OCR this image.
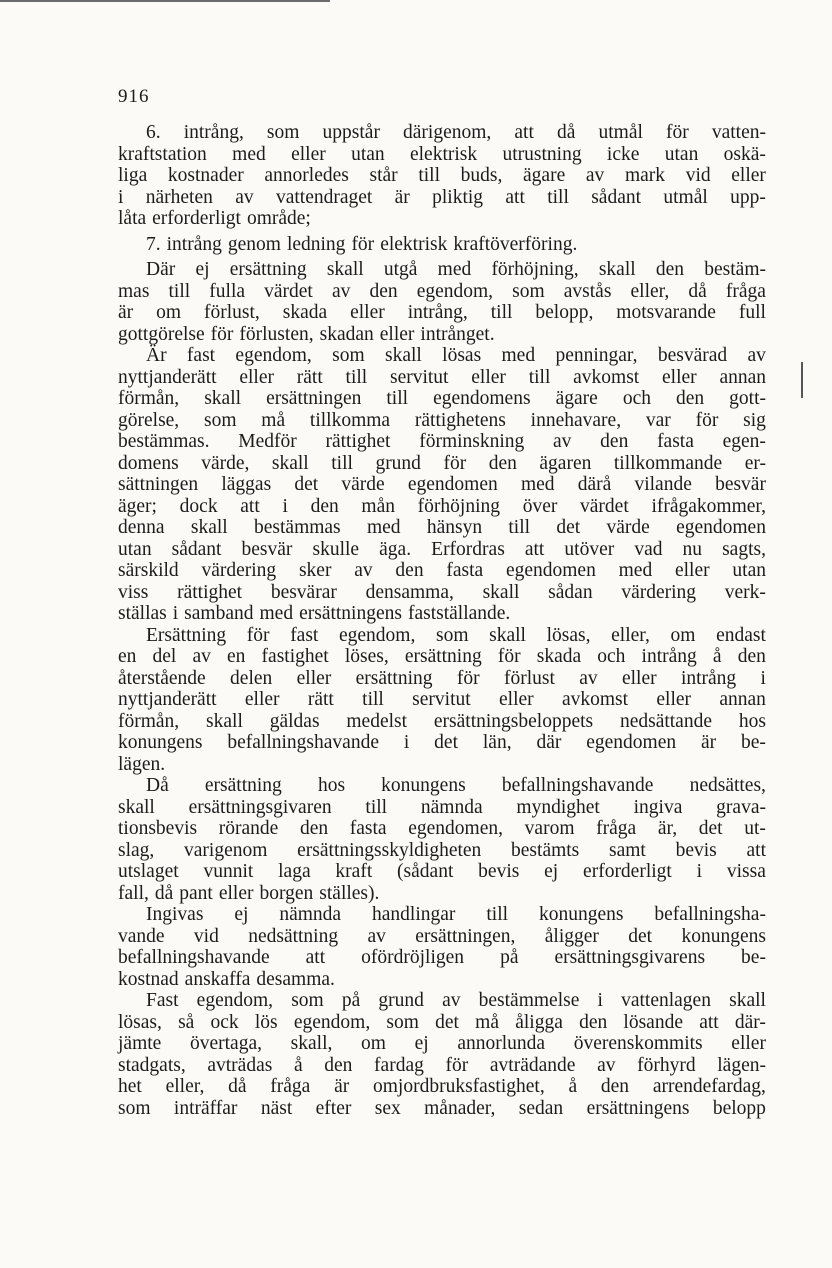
916
6. intrång, som uppstår därigenom, att då utmål för vatten-
kraftstation med eller utan elektrisk utrustning icke utan oskä-
liga kostnader annorledes står till buds, ägare av mark vid eller
i närheten av vattendraget är pliktig att till sådant utmål upp-
låta erforderligt område;
7. intrång genom ledning för elektrisk kraftöverföring.
Där ej ersättning skall utgå med förhöjning, skall den bestäm-
mas till fulla värdet av den egendom, som avstås eller, då fråga
är om förlust, skada eller intrång, till belopp, motsvarande full
gottgörelse för förlusten, skadan eller intrånget.
Är fast egendom, som skall lösas med penningar, besvärad av
nyttjanderätt eller rätt till servitut eller till avkomst eller annan
förmån, skall ersättningen till egendomens ägare och den gott-
görelse, som må tillkomma rättighetens innehavare, var för sig
bestämmas. Medför rättighet förminskning av den fasta egen-
domens värde, skall till grund för den ägaren tillkommande er-
sättningen läggas det värde egendomen med därå vilande besvär
äger; dock att i den mån förhöjning över värdet ifrågakommer,
denna skall bestämmas med hänsyn till det värde egendomen
utan sådant besvär skulle äga. Erfordras att utöver vad nu sagts,
särskild värdering sker av den fasta egendomen med eller utan
viss rättighet besvärar densamma, skall sådan värdering verk-
ställas i samband med ersättningens fastställande.
Ersättning för fast egendom, som skall lösas, eller, om endast
en del av en fastighet löses, ersättning för skada och intrång å den
återstående delen eller ersättning för förlust av eller intrång i
nyttjanderätt eller rätt till servitut eller avkomst eller annan
förmån, skall gäldas medelst ersättningsbeloppets nedsättande hos
konungens befallningshavande i det län, där egendomen är be-
lägen.
Då ersättning hos konungens befallningshavande nedsättes,
skall ersättningsgivaren till nämnda myndighet ingiva grava-
tionsbevis rörande den fasta egendomen, varom fråga är, det ut-
slag, varigenom ersättningsskyldigheten bestämts samt bevis att
utslaget vunnit laga kraft (sådant bevis ej erforderligt i vissa
fall, då pant eller borgen ställes).
Ingivas ej nämnda handlingar till konungens befallningsha-
vande vid nedsättning av ersättningen, åligger det konungens
befallningshavande att ofördröjligen på ersättningsgivarens be-
kostnad anskaffa desamma.
Fast egendom, som på grund av bestämmelse i vattenlagen skall
lösas, så ock lös egendom, som det må åligga den lösande att där-
jämte övertaga, skall, om ej annorlunda överenskommits eller
stadgats, avträdas å den fardag för avträdande av förhyrd lägen-
het eller, då fråga är omjordbruksfastighet, å den arrendefardag,
som inträffar näst efter sex månader, sedan ersättningens belopp
